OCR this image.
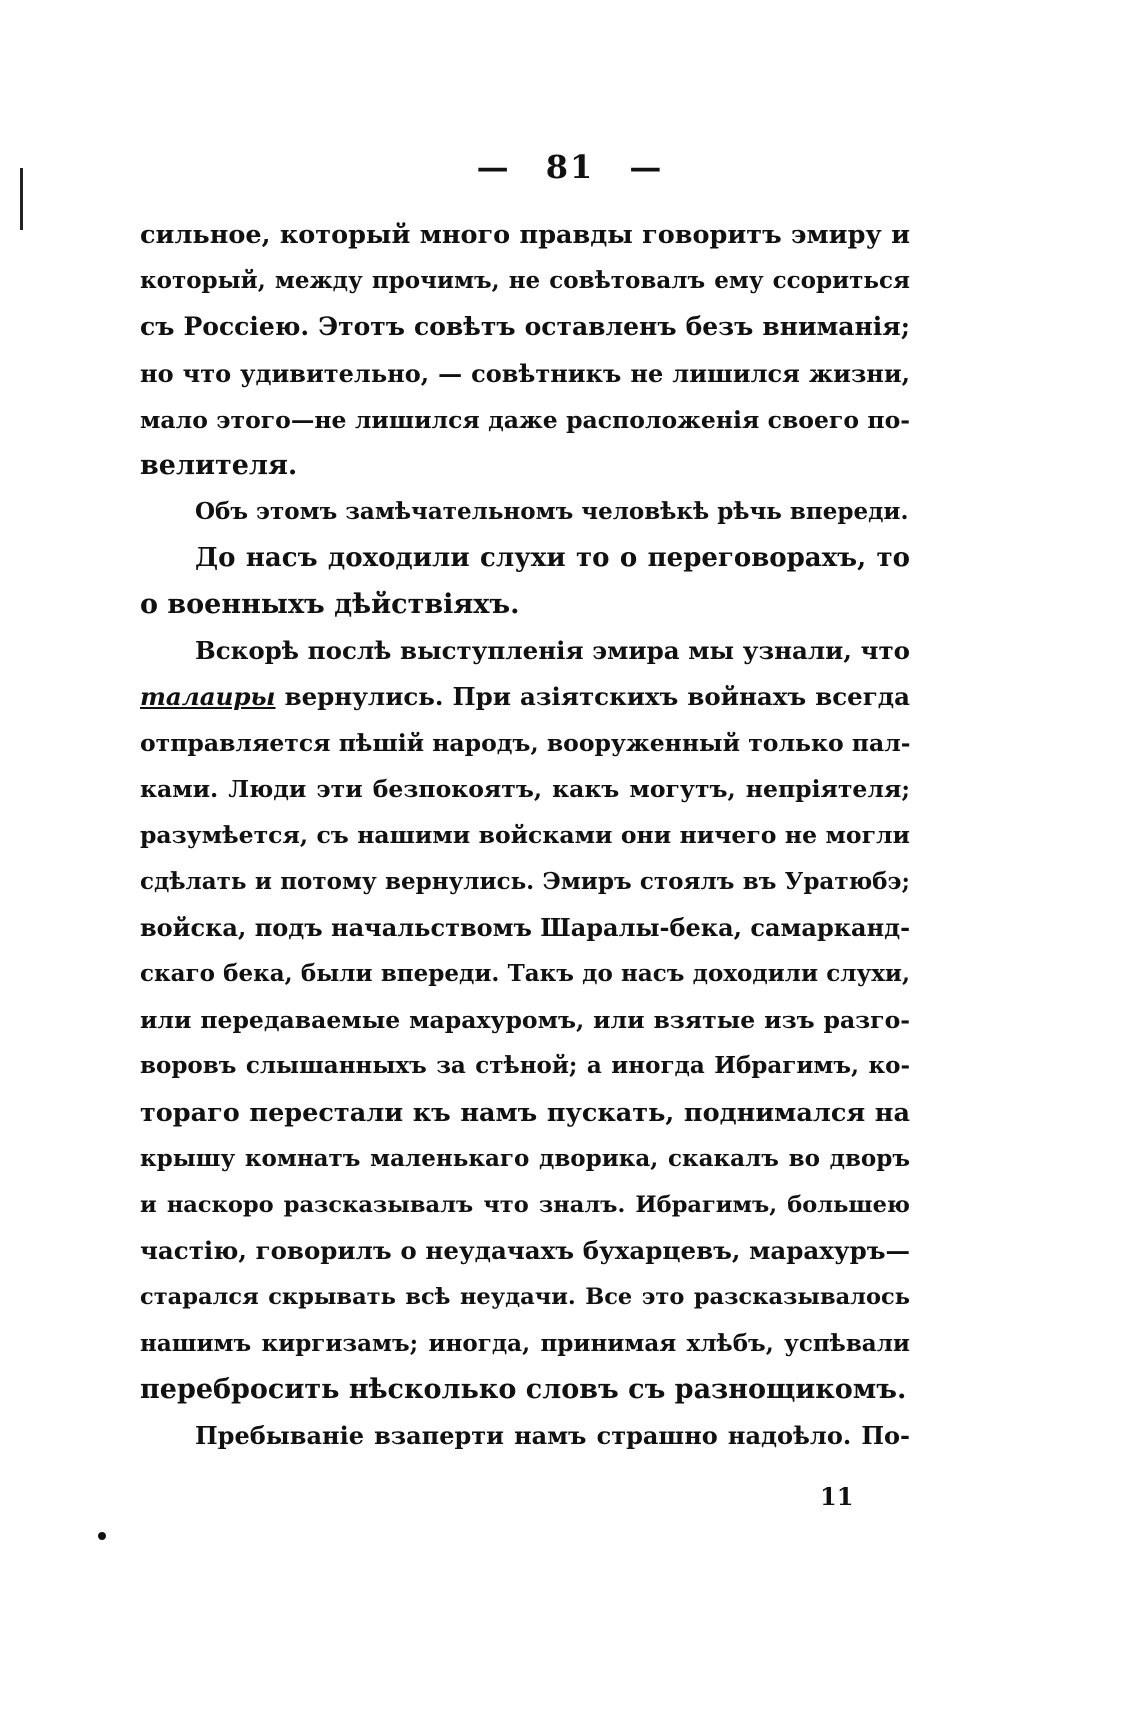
— 81 —
сильное, который много правды говоритъ эмиру и
который, между прочимъ, не совѣтовалъ ему ссориться
съ Россіею. Этотъ совѣтъ оставленъ безъ вниманія;
но что удивительно, — совѣтникъ не лишился жизни,
мало этого—не лишился даже расположенія своего по-
велителя.
Объ этомъ замѣчательномъ человѣкѣ рѣчь впереди.
До насъ доходили слухи то о переговорахъ, то
о военныхъ дѣйствіяхъ.
Вскорѣ послѣ выступленія эмира мы узнали, что
талаиры вернулись. При азіятскихъ войнахъ всегда
отправляется пѣшій народъ, вооруженный только пал-
ками. Люди эти безпокоятъ, какъ могутъ, непріятеля;
разумѣется, съ нашими войсками они ничего не могли
сдѣлать и потому вернулись. Эмиръ стоялъ въ Уратюбэ;
войска, подъ начальствомъ Шаралы-бека, самарканд-
скаго бека, были впереди. Такъ до насъ доходили слухи,
или передаваемые марахуромъ, или взятые изъ разго-
воровъ слышанныхъ за стѣной; а иногда Ибрагимъ, ко-
тораго перестали къ намъ пускать, поднимался на
крышу комнатъ маленькаго дворика, скакалъ во дворъ
и наскоро разсказывалъ что зналъ. Ибрагимъ, большею
частію, говорилъ о неудачахъ бухарцевъ, марахуръ—
старался скрывать всѣ неудачи. Все это разсказывалось
нашимъ киргизамъ; иногда, принимая хлѣбъ, успѣвали
перебросить нѣсколько словъ съ разнощикомъ.
Пребываніе взаперти намъ страшно надоѣло. По-
11
